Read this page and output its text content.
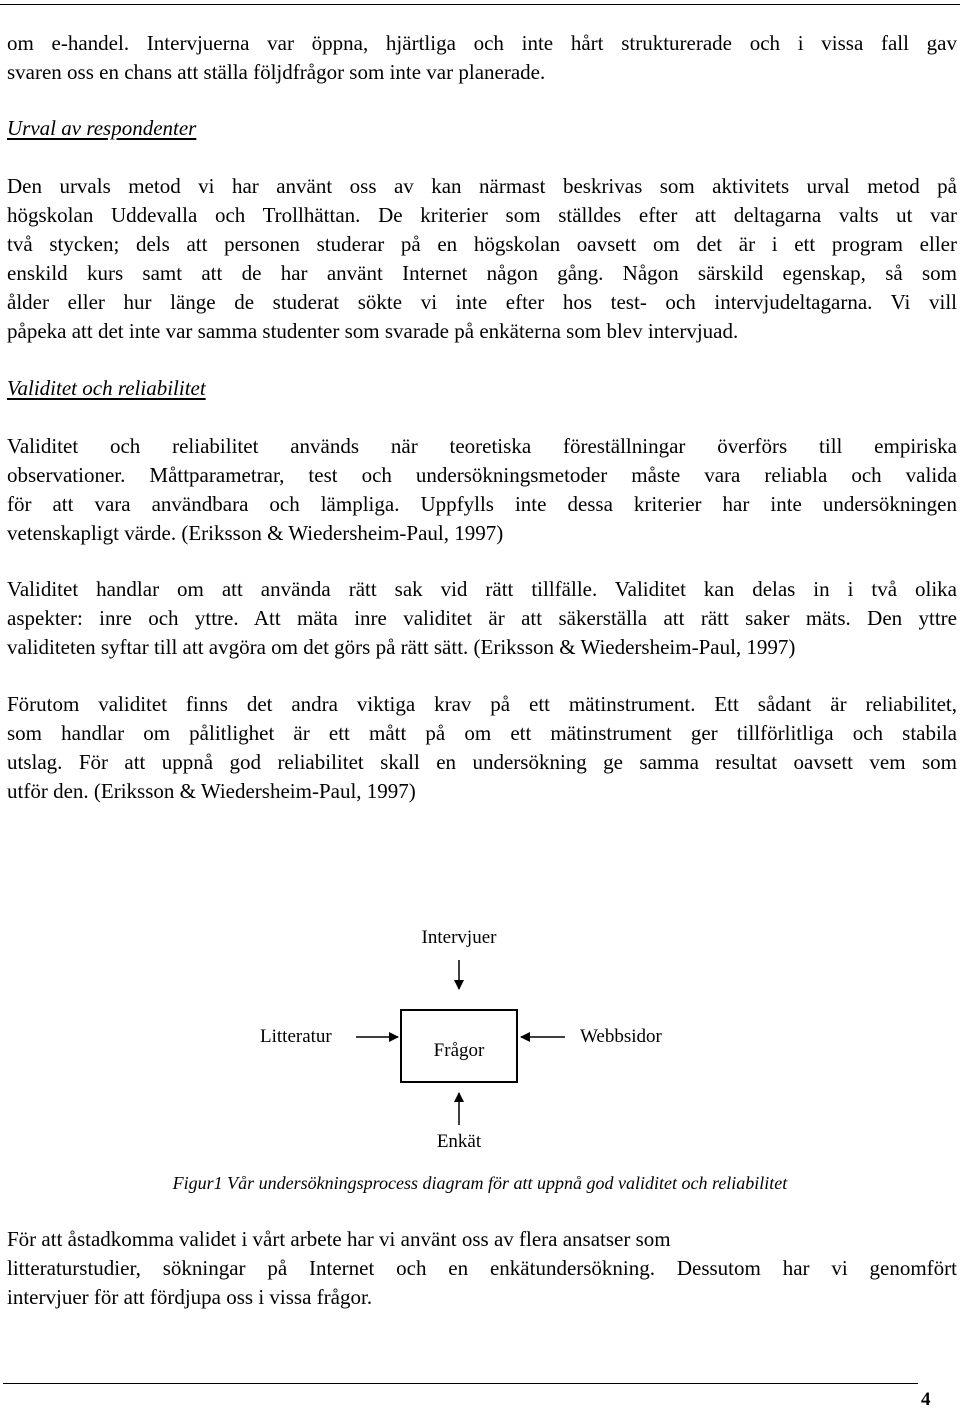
om e-handel. Intervjuerna var öppna, hjärtliga och inte hårt strukturerade och i vissa fall gav
svaren oss en chans att ställa följdfrågor som inte var planerade.

Urval av respondenter

Den urvals metod vi har använt oss av kan närmast beskrivas som aktivitets urval metod på
högskolan Uddevalla och Trollhättan. De kriterier som ställdes efter att deltagarna valts ut var
två stycken; dels att personen studerar på en högskolan oavsett om det är i ett program eller
enskild kurs samt att de har använt Internet någon gång. Någon särskild egenskap, så som
ålder eller hur länge de studerat sökte vi inte efter hos test- och intervjudeltagarna. Vi vill
påpeka att det inte var samma studenter som svarade på enkäterna som blev intervjuad.

Validitet och reliabilitet

Validitet och reliabilitet används när teoretiska föreställningar överförs till empiriska
observationer. Måttparametrar, test och undersökningsmetoder måste vara reliabla och valida
för att vara användbara och lämpliga. Uppfylls inte dessa kriterier har inte undersökningen
vetenskapligt värde. (Eriksson & Wiedersheim-Paul, 1997)

Validitet handlar om att använda rätt sak vid rätt tillfälle. Validitet kan delas in i två olika
aspekter: inre och yttre. Att mäta inre validitet är att säkerställa att rätt saker mäts. Den yttre
validiteten syftar till att avgöra om det görs på rätt sätt. (Eriksson & Wiedersheim-Paul, 1997)

Förutom validitet finns det andra viktiga krav på ett mätinstrument. Ett sådant är reliabilitet,
som handlar om pålitlighet är ett mått på om ett mätinstrument ger tillförlitliga och stabila
utslag. För att uppnå god reliabilitet skall en undersökning ge samma resultat oavsett vem som
utför den. (Eriksson & Wiedersheim-Paul, 1997)

Frågor
Intervjuer
Litteratur	Webbsidor
Enkät

Figur1 Vår undersökningsprocess diagram för att uppnå god validitet och reliabilitet

För att åstadkomma validet i vårt arbete har vi använt oss av flera ansatser som
litteraturstudier, sökningar på Internet och en enkätundersökning. Dessutom har vi genomfört
intervjuer för att fördjupa oss i vissa frågor.

4
